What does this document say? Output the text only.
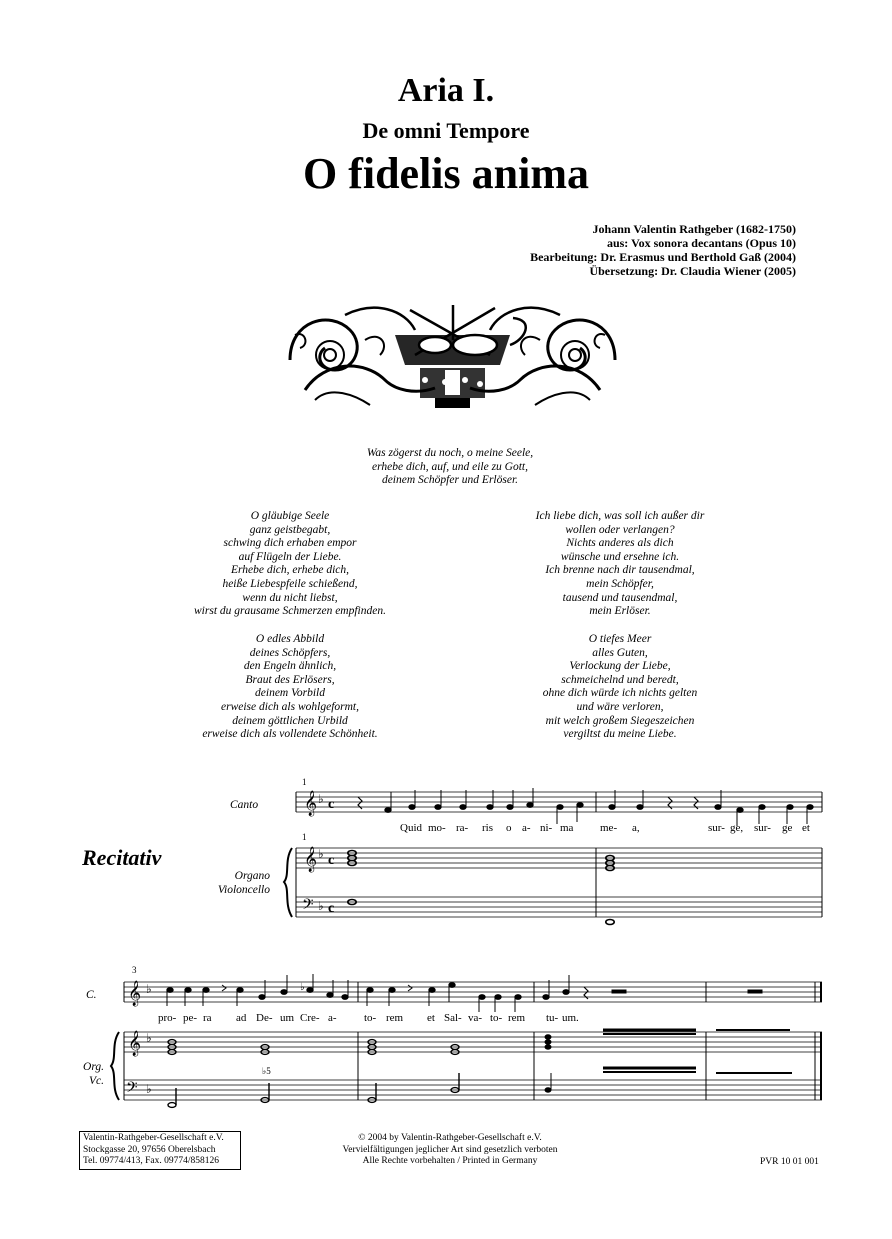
Aria I.
De omni Tempore
O fidelis anima
Johann Valentin Rathgeber (1682-1750)
aus: Vox sonora decantans (Opus 10)
Bearbeitung: Dr. Erasmus und Berthold Gaß (2004)
Übersetzung: Dr. Claudia Wiener (2005)
Was zögerst du noch, o meine Seele,
erhebe dich, auf, und eile zu Gott,
deinem Schöpfer und Erlöser.
O gläubige Seele
ganz geistbegabt,
schwing dich erhaben empor
auf Flügeln der Liebe.
Erhebe dich, erhebe dich,
heiße Liebespfeile schießend,
wenn du nicht liebst,
wirst du grausame Schmerzen empfinden.
Ich liebe dich, was soll ich außer dir
wollen oder verlangen?
Nichts anderes als dich
wünsche und ersehne ich.
Ich brenne nach dir tausendmal,
mein Schöpfer,
tausend und tausendmal,
mein Erlöser.
O edles Abbild
deines Schöpfers,
den Engeln ähnlich,
Braut des Erlösers,
deinem Vorbild
erweise dich als wohlgeformt,
deinem göttlichen Urbild
erweise dich als vollendete Schönheit.
O tiefes Meer
alles Guten,
Verlockung der Liebe,
schmeichelnd und beredt,
ohne dich würde ich nichts gelten
und wäre verloren,
mit welch großem Siegeszeichen
vergiltst du meine Liebe.
Recitativ
Canto
Organo
Violoncello
C.
Org.
Vc.
𝄞
𝄞
𝄢
♭
♭
♭
c
c
c
1
1
Quid mo- ra- ris o a- ni- ma me- a,	sur- ge, sur- ge et
𝄞
𝄞
𝄢
♭
♭
♭
3
♭
♭5
pro- pe- ra ad De- um Cre- a- to- rem et Sal- va- to- rem tu- um.
Valentin-Rathgeber-Gesellschaft e.V.
Stockgasse 20, 97656 Oberelsbach
Tel. 09774/413, Fax. 09774/858126
© 2004 by Valentin-Rathgeber-Gesellschaft e.V.
Vervielfältigungen jeglicher Art sind gesetzlich verboten
Alle Rechte vorbehalten / Printed in Germany	PVR 10 01 001
